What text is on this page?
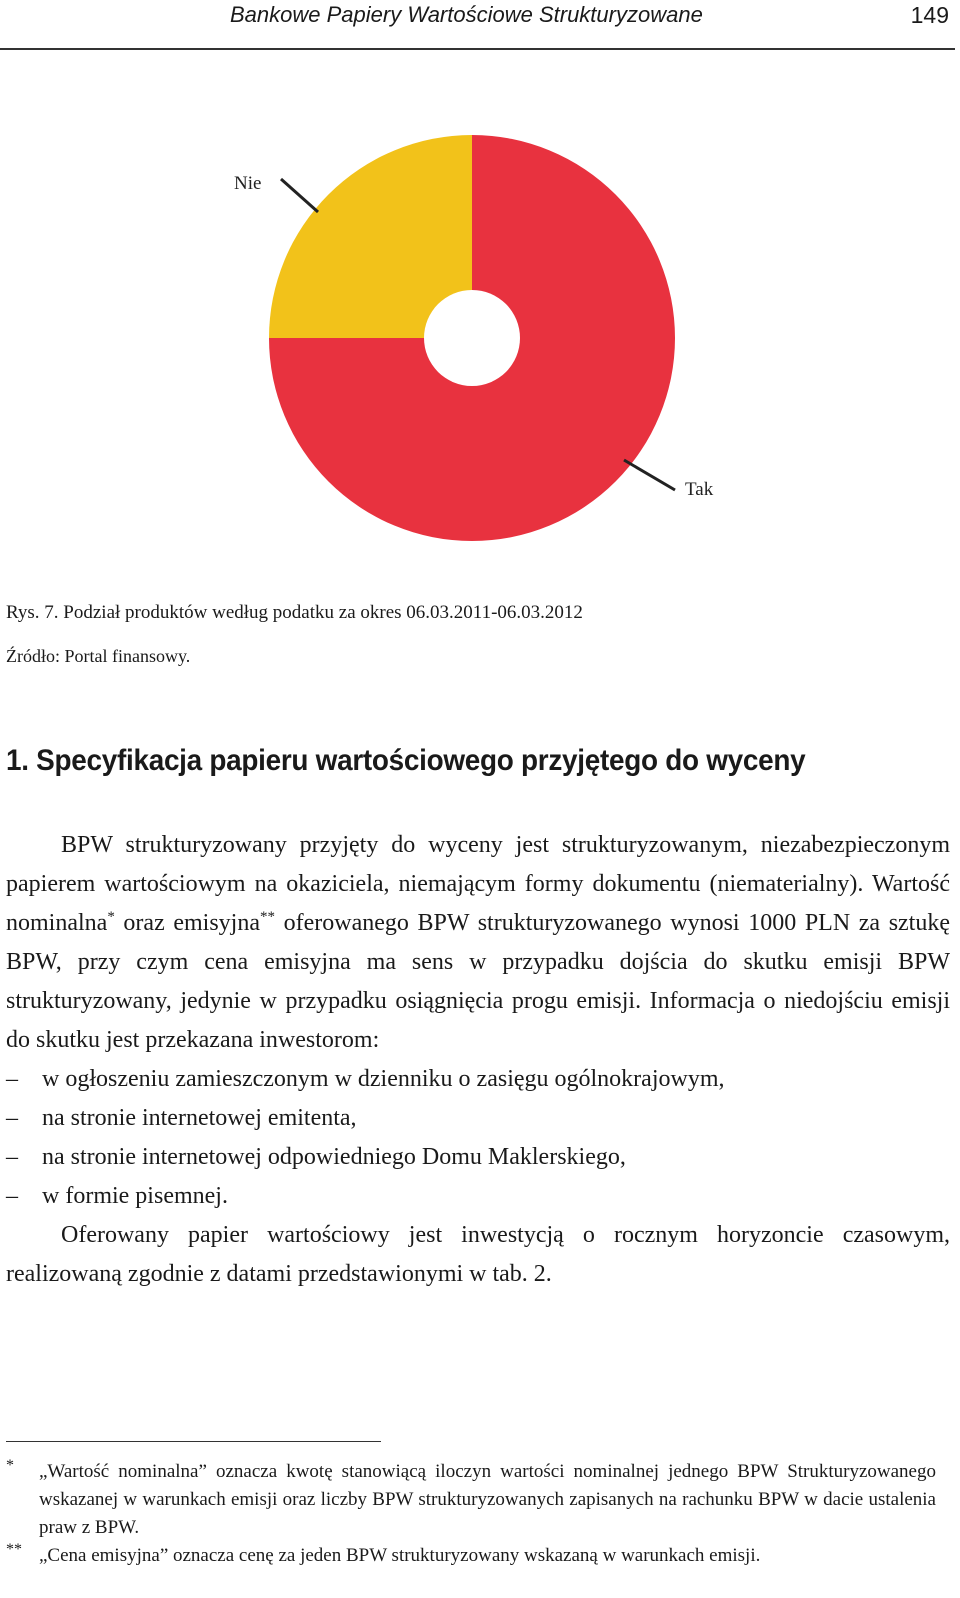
Bankowe Papiery Wartościowe Strukturyzowane	149
Nie
Tak
Rys. 7. Podział produktów według podatku za okres 06.03.2011-06.03.2012
Źródło: Portal finansowy.
1. Specyfikacja papieru wartościowego przyjętego do wyceny

BPW strukturyzowany przyjęty do wyceny jest strukturyzowanym, niezabezpieczonym papierem wartościowym na okaziciela, niemającym formy dokumentu (niematerialny). Wartość nominalna* oraz emisyjna** oferowanego BPW strukturyzowanego wynosi 1000 PLN za sztukę BPW, przy czym cena emisyjna ma sens w przypadku dojścia do skutku emisji BPW strukturyzowany, jedynie w przypadku osiągnięcia progu emisji. Informacja o niedojściu emisji do skutku jest przekazana inwestorom:

– w ogłoszeniu zamieszczonym w dzienniku o zasięgu ogólnokrajowym,
– na stronie internetowej emitenta,
– na stronie internetowej odpowiedniego Domu Maklerskiego,
– w formie pisemnej.

Oferowany papier wartościowy jest inwestycją o rocznym horyzoncie czasowym, realizowaną zgodnie z datami przedstawionymi w tab. 2.

* „Wartość nominalna” oznacza kwotę stanowiącą iloczyn wartości nominalnej jednego BPW Strukturyzowanego wskazanej w warunkach emisji oraz liczby BPW strukturyzowanych zapisanych na rachunku BPW w dacie ustalenia praw z BPW.
** „Cena emisyjna” oznacza cenę za jeden BPW strukturyzowany wskazaną w warunkach emisji.
